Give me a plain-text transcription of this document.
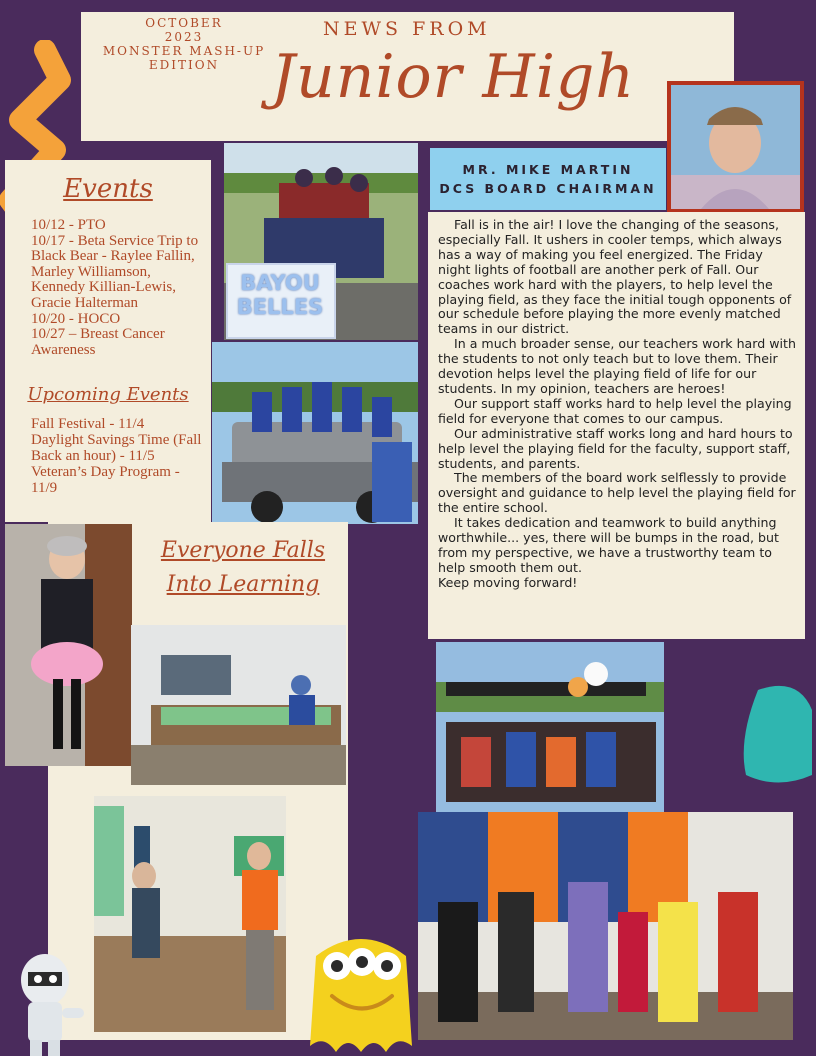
OCTOBER
2023
MONSTER MASH-UP
EDITION
NEWS FROM
Junior High
Events
10/12 - PTO
10/17 - Beta Service Trip to Black Bear - Raylee Fallin, Marley Williamson, Kennedy Killian-Lewis, Gracie Halterman
10/20 - HOCO
10/27 – Breast Cancer Awareness
Upcoming Events
Fall Festival - 11/4
Daylight Savings Time (Fall Back an hour) - 11/5
Veteran’s Day Program - 11/9
BAYOU BELLES
MR. MIKE MARTIN
DCS BOARD CHAIRMAN

Fall is in the air! I love the changing of the seasons, especially Fall. It ushers in cooler temps, which always has a way of making you feel energized. The Friday night lights of football are another perk of Fall. Our coaches work hard with the players, to help level the playing field, as they face the initial tough opponents of our schedule before playing the more evenly matched teams in our district.

In a much broader sense, our teachers work hard with the students to not only teach but to love them. Their devotion helps level the playing field of life for our students. In my opinion, teachers are heroes!

Our support staff works hard to help level the playing field for everyone that comes to our campus.

Our administrative staff works long and hard hours to help level the playing field for the faculty, support staff, students, and parents.

The members of the board work selflessly to provide oversight and guidance to help level the playing field for the entire school.

It takes dedication and teamwork to build anything worthwhile... yes, there will be bumps in the road, but from my perspective, we have a trustworthy team to help smooth them out.

Keep moving forward!

Everyone Falls
Into Learning
